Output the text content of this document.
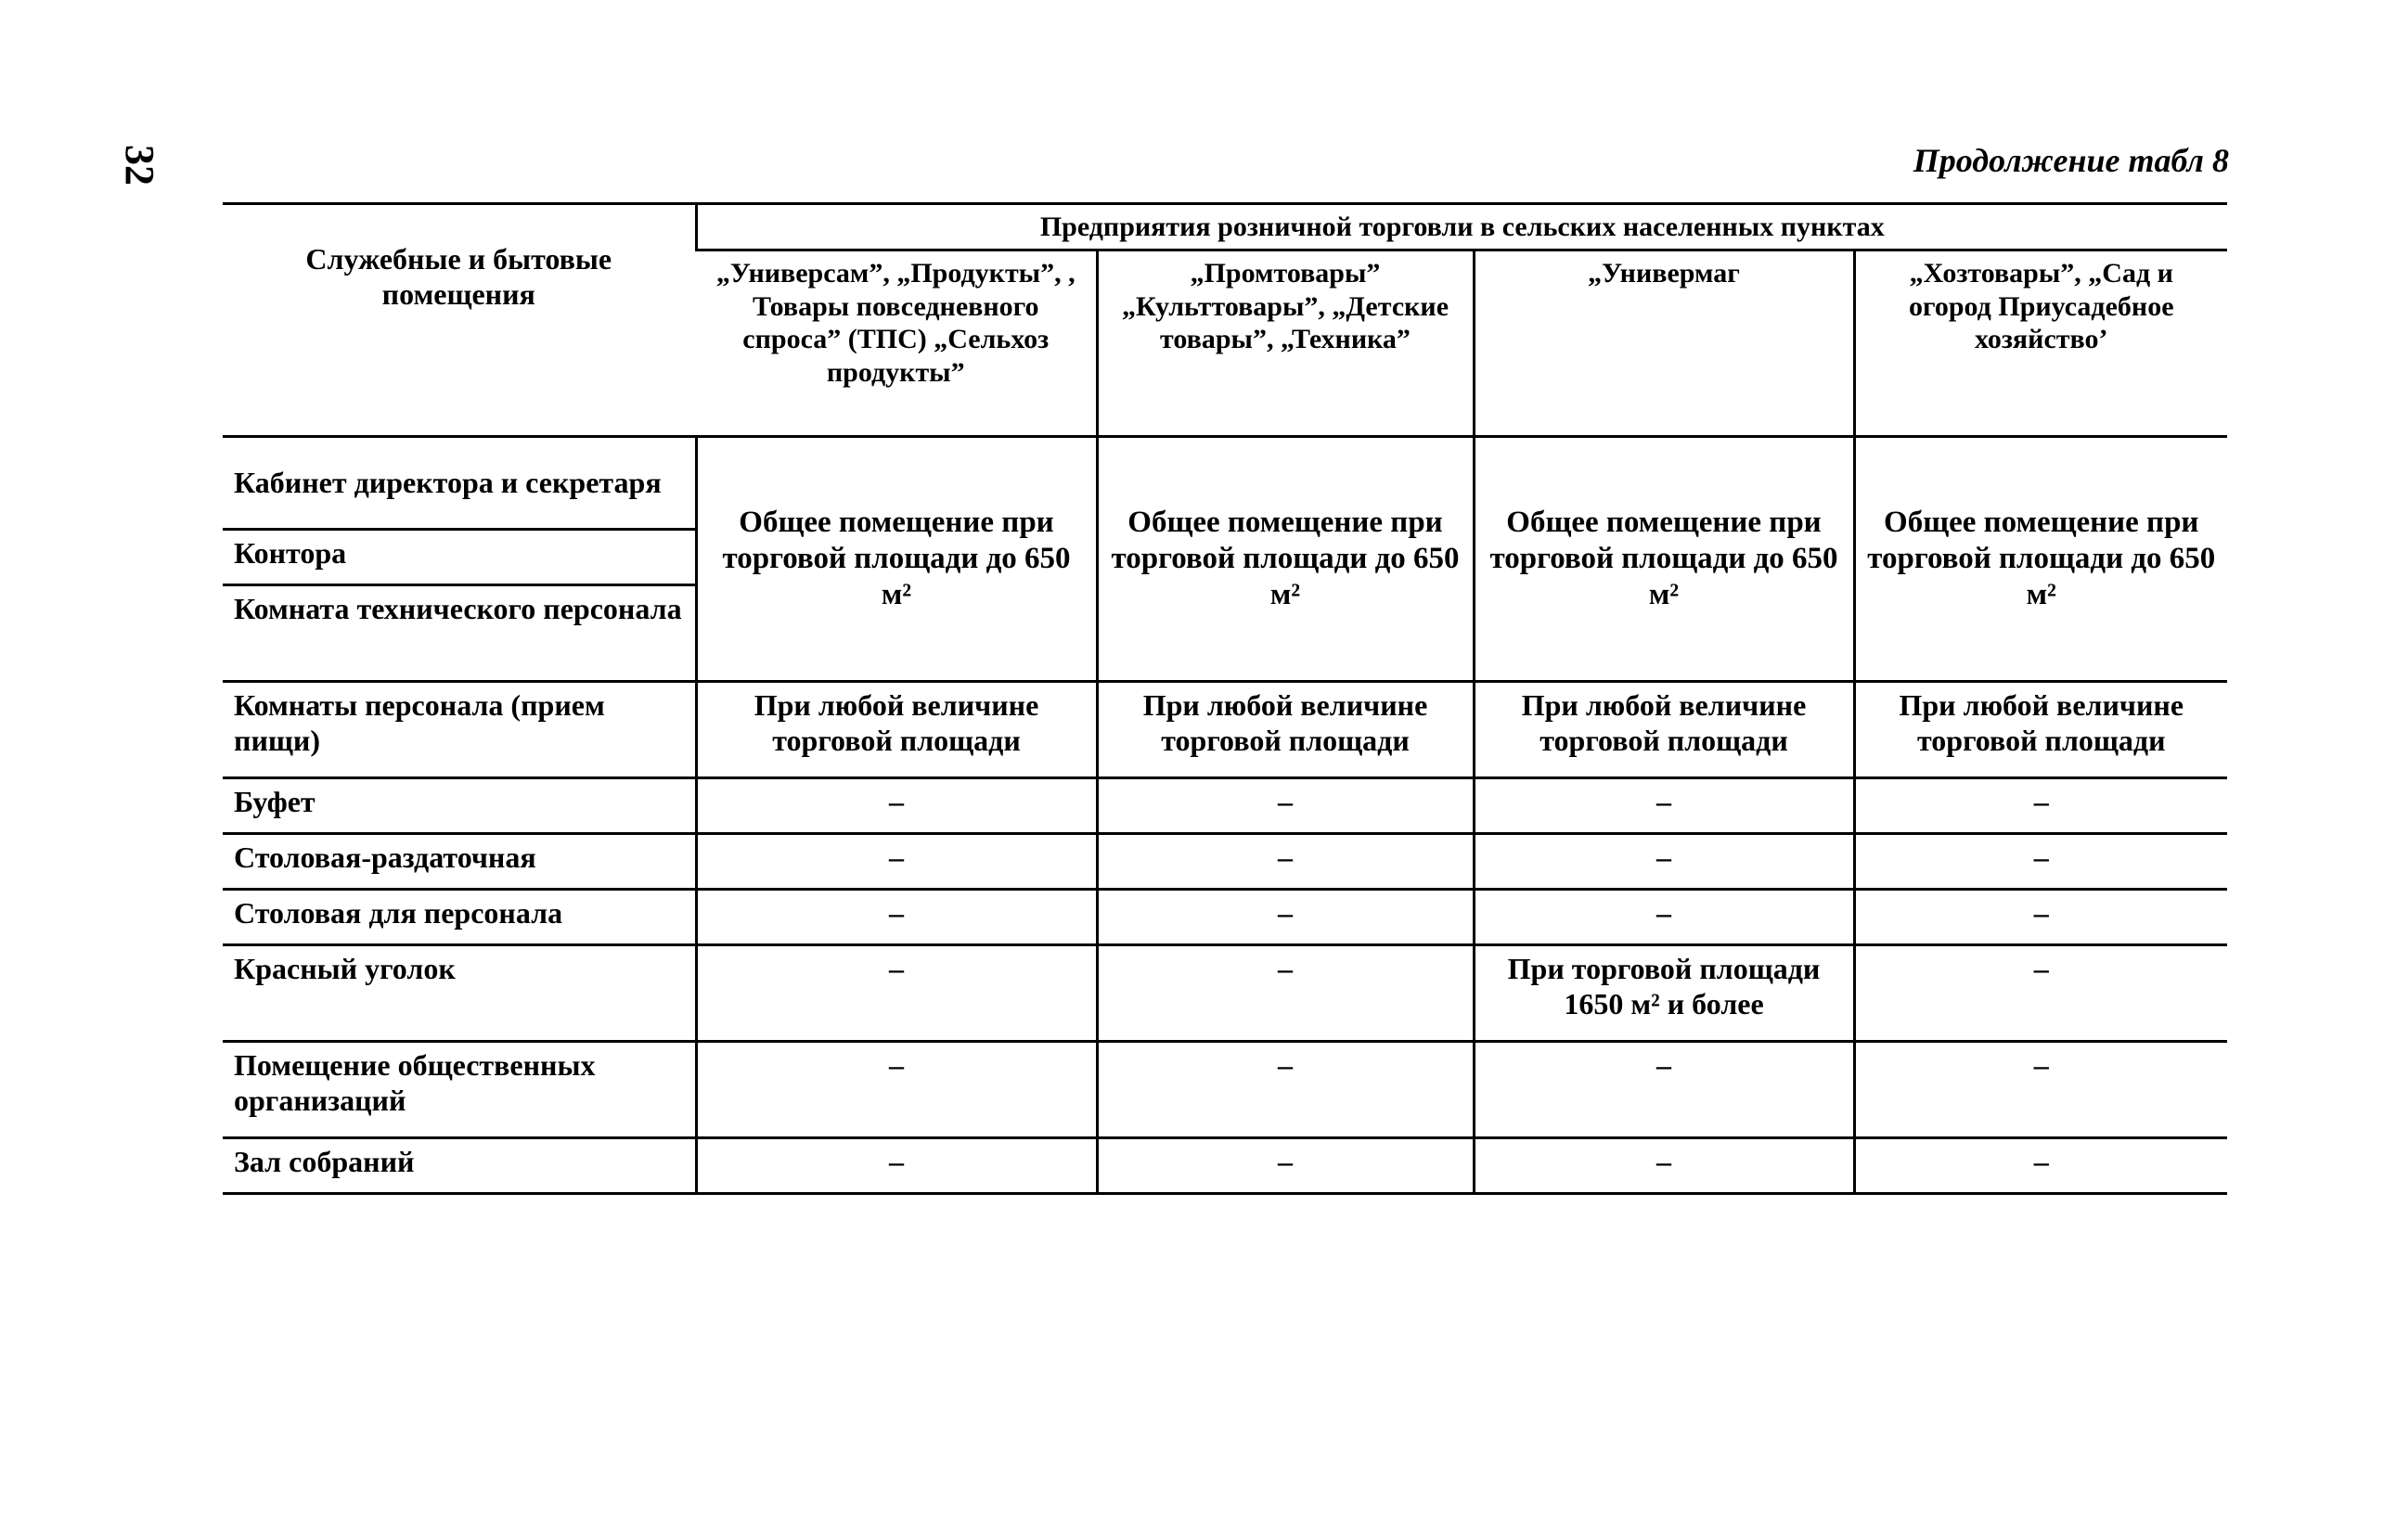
32	Продолжение табл 8
Служебные и бытовые помещения	Предприятия розничной торговли в сельских населенных пунктах			
	„Универсам”, „Продукты”, , Товары повседневного спроса” (ТПС) „Сельхоз продукты”	„Промтовары” „Культтовары”, „Детские товары”, „Техника”	„Универмаг	„Хозтовары”, „Сад и огород Приусадебное хозяйство’
Кабинет директора и секретаря	Общее помещение при торговой площади до 650 м²	Общее помещение при торговой площади до 650 м²	Общее помещение при торговой площади до 650 м²	Общее помещение при торговой площади до 650 м²
Контора				
Комната технического персонала				
Комнаты персонала (прием пищи)	При любой величине торговой площади	При любой величине торговой площади	При любой величине торговой площади	При любой величине торговой площади
Буфет	–	–	–	–
Столовая-раздаточная	–	–	–	–
Столовая для персонала	–	–	–	–
Красный уголок	–	–	При торговой площади 1650 м² и более	–
Помещение общественных организаций	–	–	–	–
Зал собраний	–	–	–	–
